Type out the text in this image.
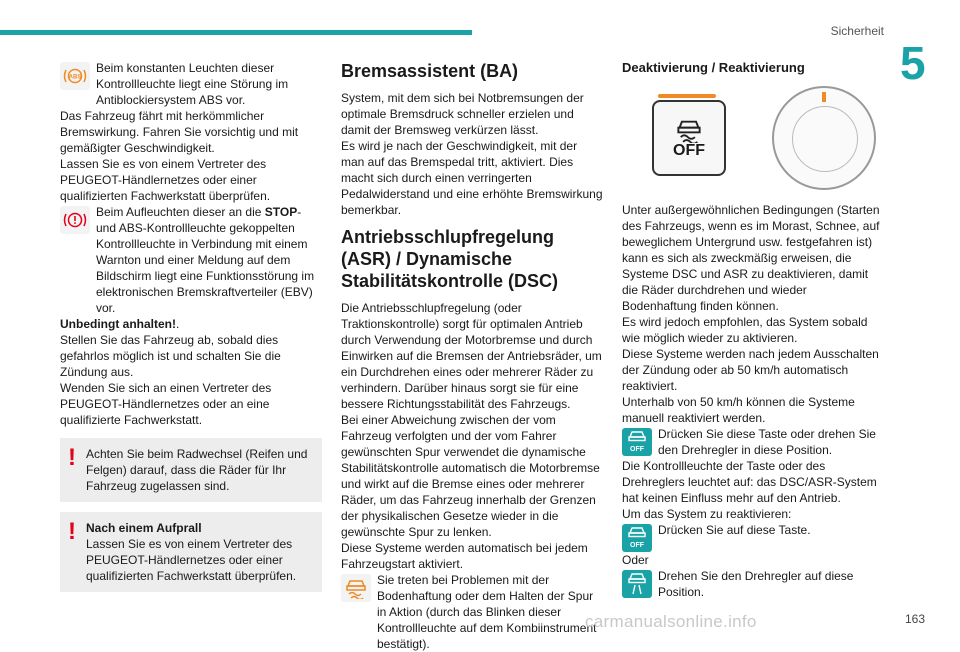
Sicherheit
5
ABS

Beim konstanten Leuchten dieser Kontrollleuchte liegt eine Störung im Antiblockiersystem ABS vor.

Das Fahrzeug fährt mit herkömmlicher Bremswirkung. Fahren Sie vorsichtig und mit gemäßigter Geschwindigkeit.

Lassen Sie es von einem Vertreter des PEUGEOT-Händlernetzes oder einer qualifizierten Fachwerkstatt überprüfen.

Beim Aufleuchten dieser an die STOP- und ABS-Kontrollleuchte gekoppelten Kontrollleuchte in Verbindung mit einem Warnton und einer Meldung auf dem Bildschirm liegt eine Funktionsstörung im elektronischen Bremskraftverteiler (EBV) vor.

Unbedingt anhalten!.

Stellen Sie das Fahrzeug ab, sobald dies gefahrlos möglich ist und schalten Sie die Zündung aus.

Wenden Sie sich an einen Vertreter des PEUGEOT-Händlernetzes oder an eine qualifizierte Fachwerkstatt.

! Achten Sie beim Radwechsel (Reifen und Felgen) darauf, dass die Räder für Ihr Fahrzeug zugelassen sind.

! Nach einem Aufprall

Lassen Sie es von einem Vertreter des PEUGEOT-Händlernetzes oder einer qualifizierten Fachwerkstatt überprüfen.

Bremsassistent (BA)

System, mit dem sich bei Notbremsungen der optimale Bremsdruck schneller erzielen und damit der Bremsweg verkürzen lässt.

Es wird je nach der Geschwindigkeit, mit der man auf das Bremspedal tritt, aktiviert. Dies macht sich durch einen verringerten Pedalwiderstand und eine erhöhte Bremswirkung bemerkbar.

Antriebsschlupfregelung (ASR) / Dynamische Stabilitätskontrolle (DSC)

Die Antriebsschlupfregelung (oder Traktionskontrolle) sorgt für optimalen Antrieb durch Verwendung der Motorbremse und durch Einwirken auf die Bremsen der Antriebsräder, um ein Durchdrehen eines oder mehrerer Räder zu verhindern. Darüber hinaus sorgt sie für eine bessere Richtungsstabilität des Fahrzeugs.

Bei einer Abweichung zwischen der vom Fahrzeug verfolgten und der vom Fahrer gewünschten Spur verwendet die dynamische Stabilitätskontrolle automatisch die Motorbremse und wirkt auf die Bremse eines oder mehrerer Räder, um das Fahrzeug innerhalb der Grenzen der physikalischen Gesetze wieder in die gewünschte Spur zu lenken.

Diese Systeme werden automatisch bei jedem Fahrzeugstart aktiviert.

Sie treten bei Problemen mit der Bodenhaftung oder dem Halten der Spur in Aktion (durch das Blinken dieser Kontrollleuchte auf dem Kombiinstrument bestätigt).

Deaktivierung / Reaktivierung
OFF

Unter außergewöhnlichen Bedingungen (Starten des Fahrzeugs, wenn es im Morast, Schnee, auf beweglichem Untergrund usw. festgefahren ist) kann es sich als zweckmäßig erweisen, die Systeme DSC und ASR zu deaktivieren, damit die Räder durchdrehen und wieder Bodenhaftung finden können.

Es wird jedoch empfohlen, das System sobald wie möglich wieder zu aktivieren.

Diese Systeme werden nach jedem Ausschalten der Zündung oder ab 50 km/h automatisch reaktiviert.

Unterhalb von 50 km/h können die Systeme manuell reaktiviert werden.

OFF

Drücken Sie diese Taste oder drehen Sie den Drehregler in diese Position.

Die Kontrollleuchte der Taste oder des Drehreglers leuchtet auf: das DSC/ASR-System hat keinen Einfluss mehr auf den Antrieb.

Um das System zu reaktivieren:

OFF

Drücken Sie auf diese Taste.

Oder

Drehen Sie den Drehregler auf diese Position.

carmanualsonline.info	163
